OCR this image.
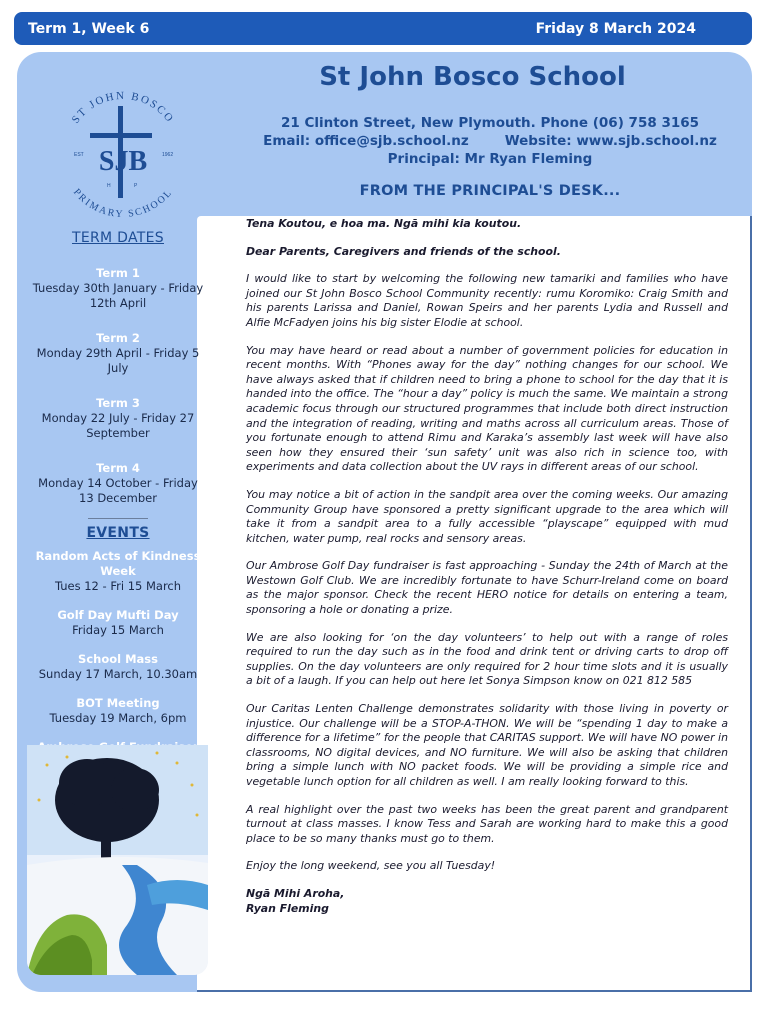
Term 1, Week 6	Friday 8 March 2024
ST JOHN BOSCO
PRIMARY SCHOOL
SJB
EST	1962
H	P
St John Bosco School
21 Clinton Street, New Plymouth. Phone (06) 758 3165
Email: office@sjb.school.nz	Website: www.sjb.school.nz
Principal: Mr Ryan Fleming
FROM THE PRINCIPAL'S DESK...
TERM DATES
Term 1
Tuesday 30th January - Friday 12th April
Term 2
Monday 29th April - Friday 5 July
Term 3
Monday 22 July - Friday 27 September
Term 4
Monday 14 October - Friday 13 December
EVENTS
Random Acts of Kindness Week
Tues 12 - Fri 15 March
Golf Day Mufti Day
Friday 15 March
School Mass
Sunday 17 March, 10.30am
BOT Meeting
Tuesday 19 March, 6pm

Tena Koutou, e hoa ma. Ngā mihi kia koutou.

Dear Parents, Caregivers and friends of the school.

I would like to start by welcoming the following new tamariki and families who have joined our St John Bosco School Community recently: rumu Koromiko: Craig Smith and his parents Larissa and Daniel, Rowan Speirs and her parents Lydia and Russell and Alfie McFadyen joins his big sister Elodie at school.

You may have heard or read about a number of government policies for education in recent months. With “Phones away for the day” nothing changes for our school. We have always asked that if children need to bring a phone to school for the day that it is handed into the office. The “hour a day” policy is much the same. We maintain a strong academic focus through our structured programmes that include both direct instruction and the integration of reading, writing and maths across all curriculum areas. Those of you fortunate enough to attend Rimu and Karaka’s assembly last week will have also seen how they ensured their ‘sun safety’ unit was also rich in science too, with experiments and data collection about the UV rays in different areas of our school.

You may notice a bit of action in the sandpit area over the coming weeks. Our amazing Community Group have sponsored a pretty significant upgrade to the area which will take it from a sandpit area to a fully accessible “playscape” equipped with mud kitchen, water pump, real rocks and sensory areas.

Our Ambrose Golf Day fundraiser is fast approaching - Sunday the 24th of March at the Westown Golf Club. We are incredibly fortunate to have Schurr-Ireland come on board as the major sponsor. Check the recent HERO notice for details on entering a team, sponsoring a hole or donating a prize.

We are also looking for ‘on the day volunteers’ to help out with a range of roles required to run the day such as in the food and drink tent or driving carts to drop off supplies. On the day volunteers are only required for 2 hour time slots and it is usually a bit of a laugh. If you can help out here let Sonya Simpson know on 021 812 585

Our Caritas Lenten Challenge demonstrates solidarity with those living in poverty or injustice. Our challenge will be a STOP-A-THON. We will be “spending 1 day to make a difference for a lifetime” for the people that CARITAS support. We will have NO power in classrooms, NO digital devices, and NO furniture. We will also be asking that children bring a simple lunch with NO packet foods. We will be providing a simple rice and vegetable lunch option for all children as well. I am really looking forward to this.

A real highlight over the past two weeks has been the great parent and grandparent turnout at class masses. I know Tess and Sarah are working hard to make this a good place to be so many thanks must go to them.

Enjoy the long weekend, see you all Tuesday!

Ngā Mihi Aroha,
Ryan Fleming
